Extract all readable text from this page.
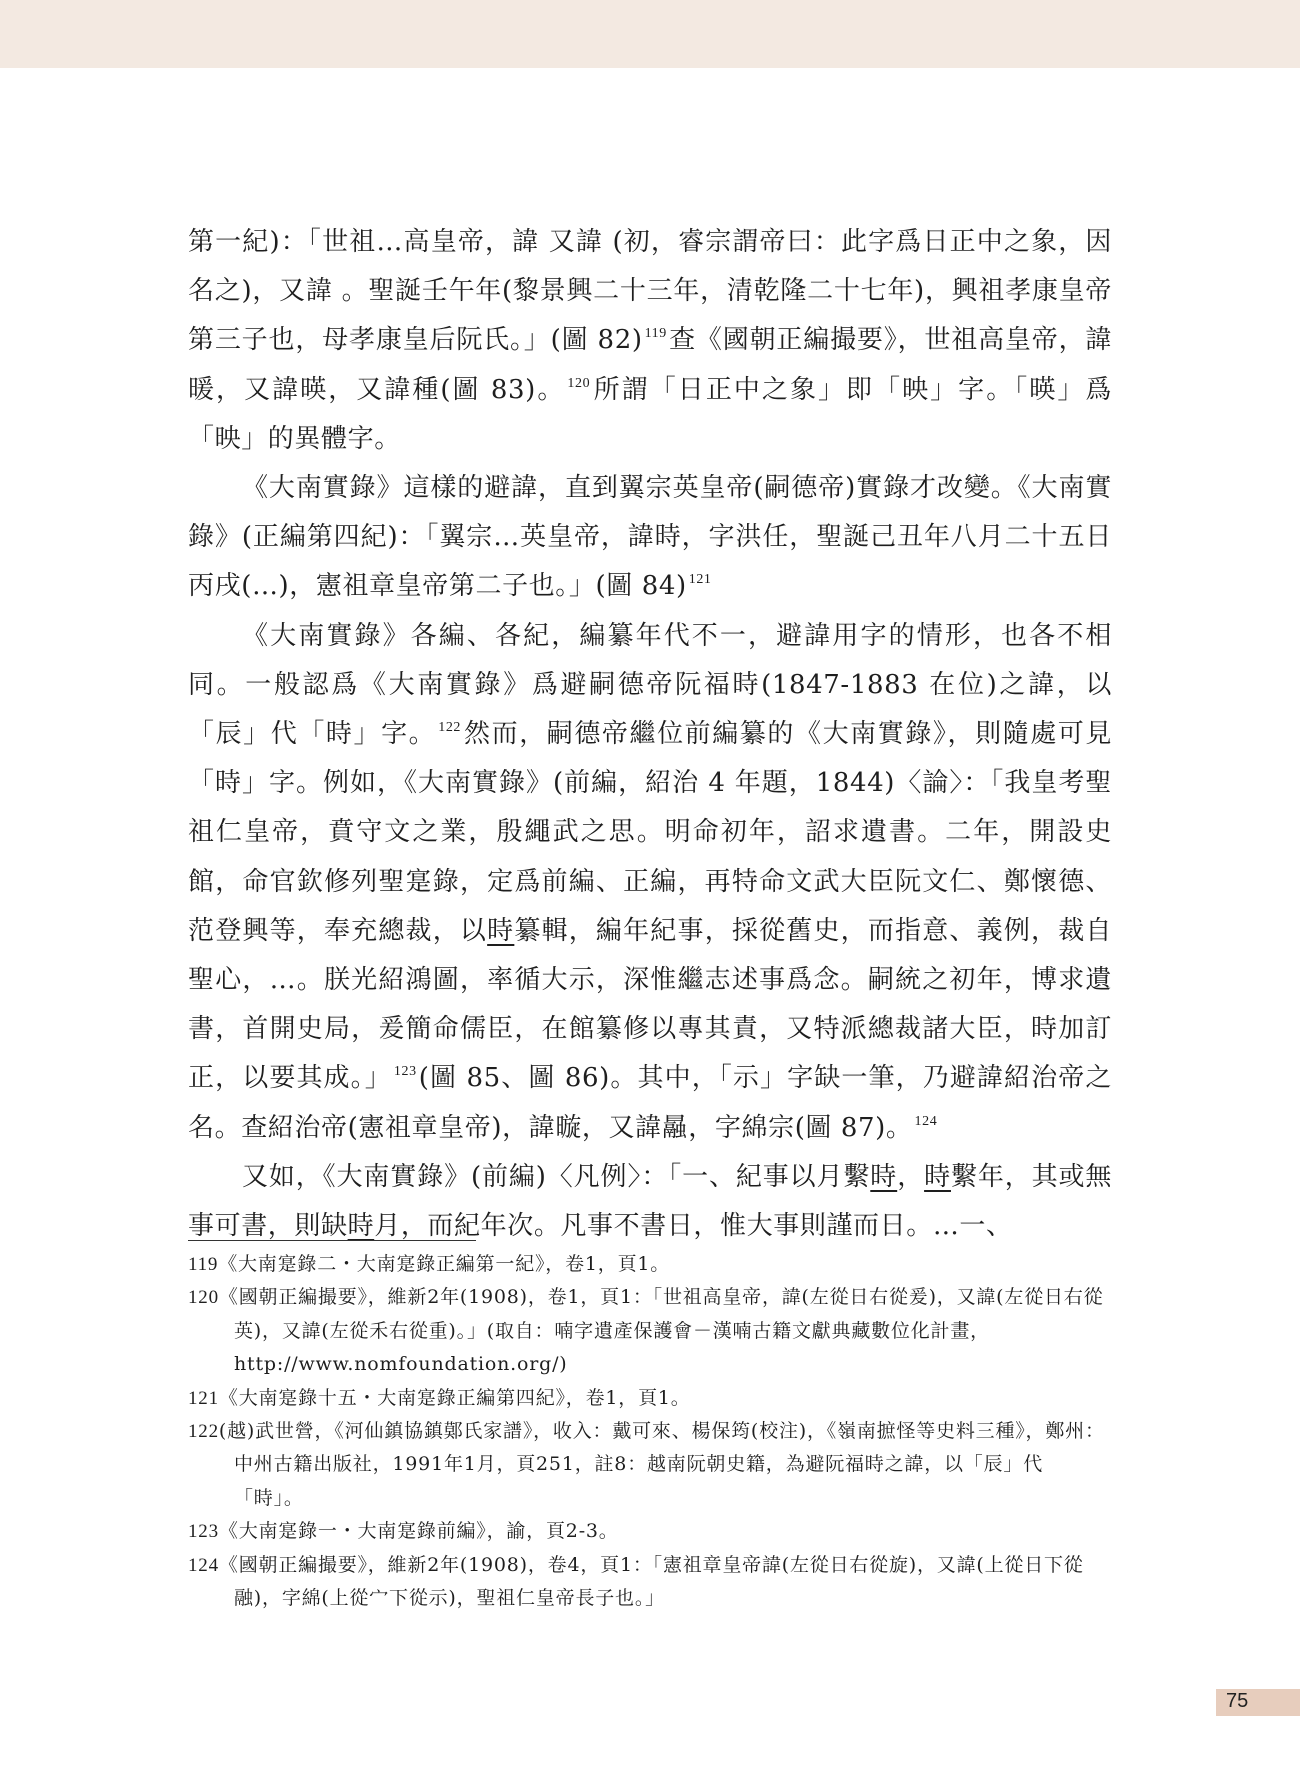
第一紀)：「世祖…高皇帝，諱 又諱 (初，睿宗謂帝曰：此字爲日正中之象，因名之)，又諱 。聖誕壬午年(黎景興二十三年，清乾隆二十七年)，興祖孝康皇帝第三子也，母孝康皇后阮氏。」(圖 82) $^{119}$查《國朝正編撮要》，世祖高皇帝，諱暖，又諱暎，又諱種(圖 83)。 $^{120}$所謂「日正中之象」即「映」字。「暎」爲「映」的異體字。

《大南實錄》這樣的避諱，直到翼宗英皇帝(嗣德帝)實錄才改變。《大南實錄》(正編第四紀)：「翼宗…英皇帝，諱時，字洪任，聖誕己丑年八月二十五日丙戌(…)，憲祖章皇帝第二子也。」(圖 84) $^{121}$

《大南實錄》各編、各紀，編纂年代不一，避諱用字的情形，也各不相同。一般認爲《大南實錄》爲避嗣德帝阮福時(1847-1883 在位)之諱，以「辰」代「時」字。 $^{122}$然而，嗣德帝繼位前編纂的《大南實錄》，則隨處可見「時」字。例如，《大南實錄》(前編，紹治 4 年題，1844)〈論〉：「我皇考聖祖仁皇帝，賁守文之業，殷繩武之思。明命初年，詔求遺書。二年，開設史館，命官欽修列聖寔錄，定爲前編、正編，再特命文武大臣阮文仁、鄭懷德、范登興等，奉充總裁，以時纂輯，編年紀事，採從舊史，而指意、義例，裁自聖心，…。朕光紹鴻圖，率循大示，深惟繼志述事爲念。嗣統之初年，博求遺書，首開史局，爰簡命儒臣，在館纂修以專其責，又特派總裁諸大臣，時加訂正，以要其成。」 $^{123}$(圖 85、圖 86)。其中，「示」字缺一筆，乃避諱紹治帝之名。查紹治帝(憲祖章皇帝)，諱暶，又諱曧，字綿宗(圖 87)。 $^{124}$

又如，《大南實錄》(前編)〈凡例〉：「一、紀事以月繫時，時繫年，其或無事可書，則缺時月，而紀年次。凡事不書日，惟大事則謹而日。…一、

119《大南寔錄二・大南寔錄正編第一紀》，卷1，頁1。

120《國朝正編撮要》，維新2年(1908)，卷1，頁1：「世祖高皇帝，諱(左從日右從爰)，又諱(左從日右從英)，又諱(左從禾右從重)。」(取自：喃字遺產保護會－漢喃古籍文獻典藏數位化計畫，http://www.nomfoundation.org/)

121《大南寔錄十五・大南寔錄正編第四紀》，卷1，頁1。

122(越)武世營，《河仙鎮協鎮鄚氏家譜》，收入：戴可來、楊保筠(校注)，《嶺南摭怪等史料三種》，鄭州：中州古籍出版社，1991年1月，頁251，註8：越南阮朝史籍，為避阮福時之諱，以「辰」代「時」。

123《大南寔錄一・大南寔錄前編》，諭，頁2-3。

124《國朝正編撮要》，維新2年(1908)，卷4，頁1：「憲祖章皇帝諱(左從日右從旋)，又諱(上從日下從融)，字綿(上從宀下從示)，聖祖仁皇帝長子也。」

75
